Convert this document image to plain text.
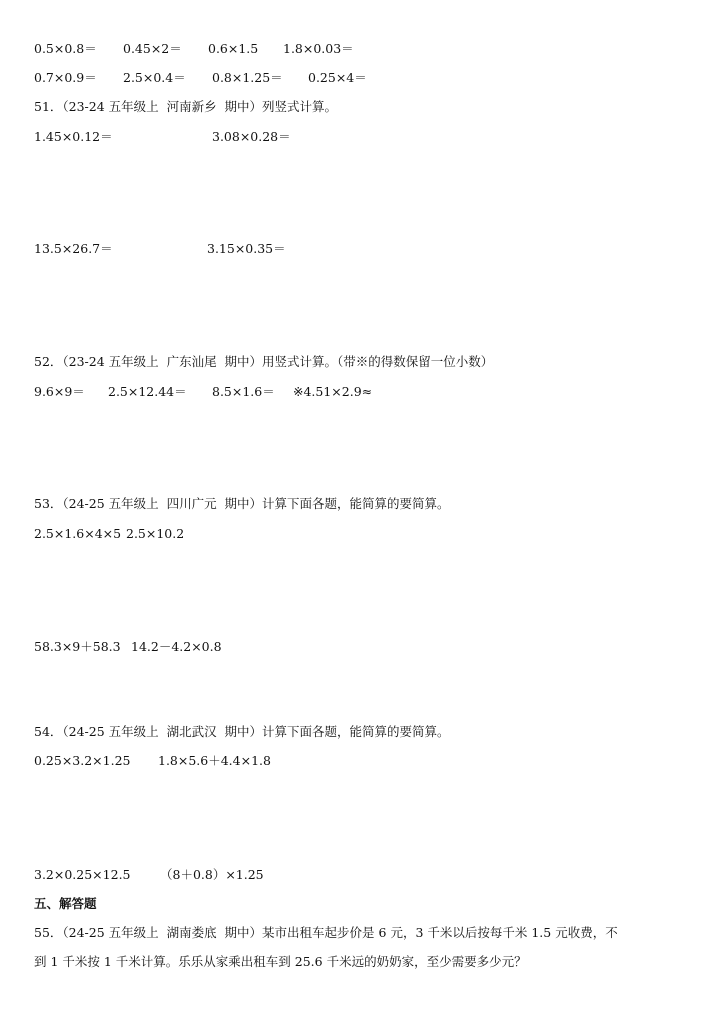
0.5×0.8＝ 0.45×2＝ 0.6×1.5 1.8×0.03＝
0.7×0.9＝ 2.5×0.4＝ 0.8×1.25＝ 0.25×4＝
51．（23-24 五年级上  河南新乡  期中）列竖式计算。
1.45×0.12＝	3.08×0.28＝
13.5×26.7＝	3.15×0.35＝
52．（23-24 五年级上  广东汕尾  期中）用竖式计算。（带※的得数保留一位小数）
9.6×9＝ 2.5×12.44＝ 8.5×1.6＝ ※4.51×2.9≈
53．（24-25 五年级上  四川广元  期中）计算下面各题，能简算的要简算。
2.5×1.6×4×5 2.5×10.2
58.3×9＋58.3 14.2－4.2×0.8
54．（24-25 五年级上  湖北武汉  期中）计算下面各题，能简算的要简算。
0.25×3.2×1.25 1.8×5.6＋4.4×1.8
3.2×0.25×12.5 （8＋0.8）×1.25
五、解答题
55．（24-25 五年级上  湖南娄底  期中）某市出租车起步价是 6 元，3 千米以后按每千米 1.5 元收费，不
到 1 千米按 1 千米计算。乐乐从家乘出租车到 25.6 千米远的奶奶家，至少需要多少元？
